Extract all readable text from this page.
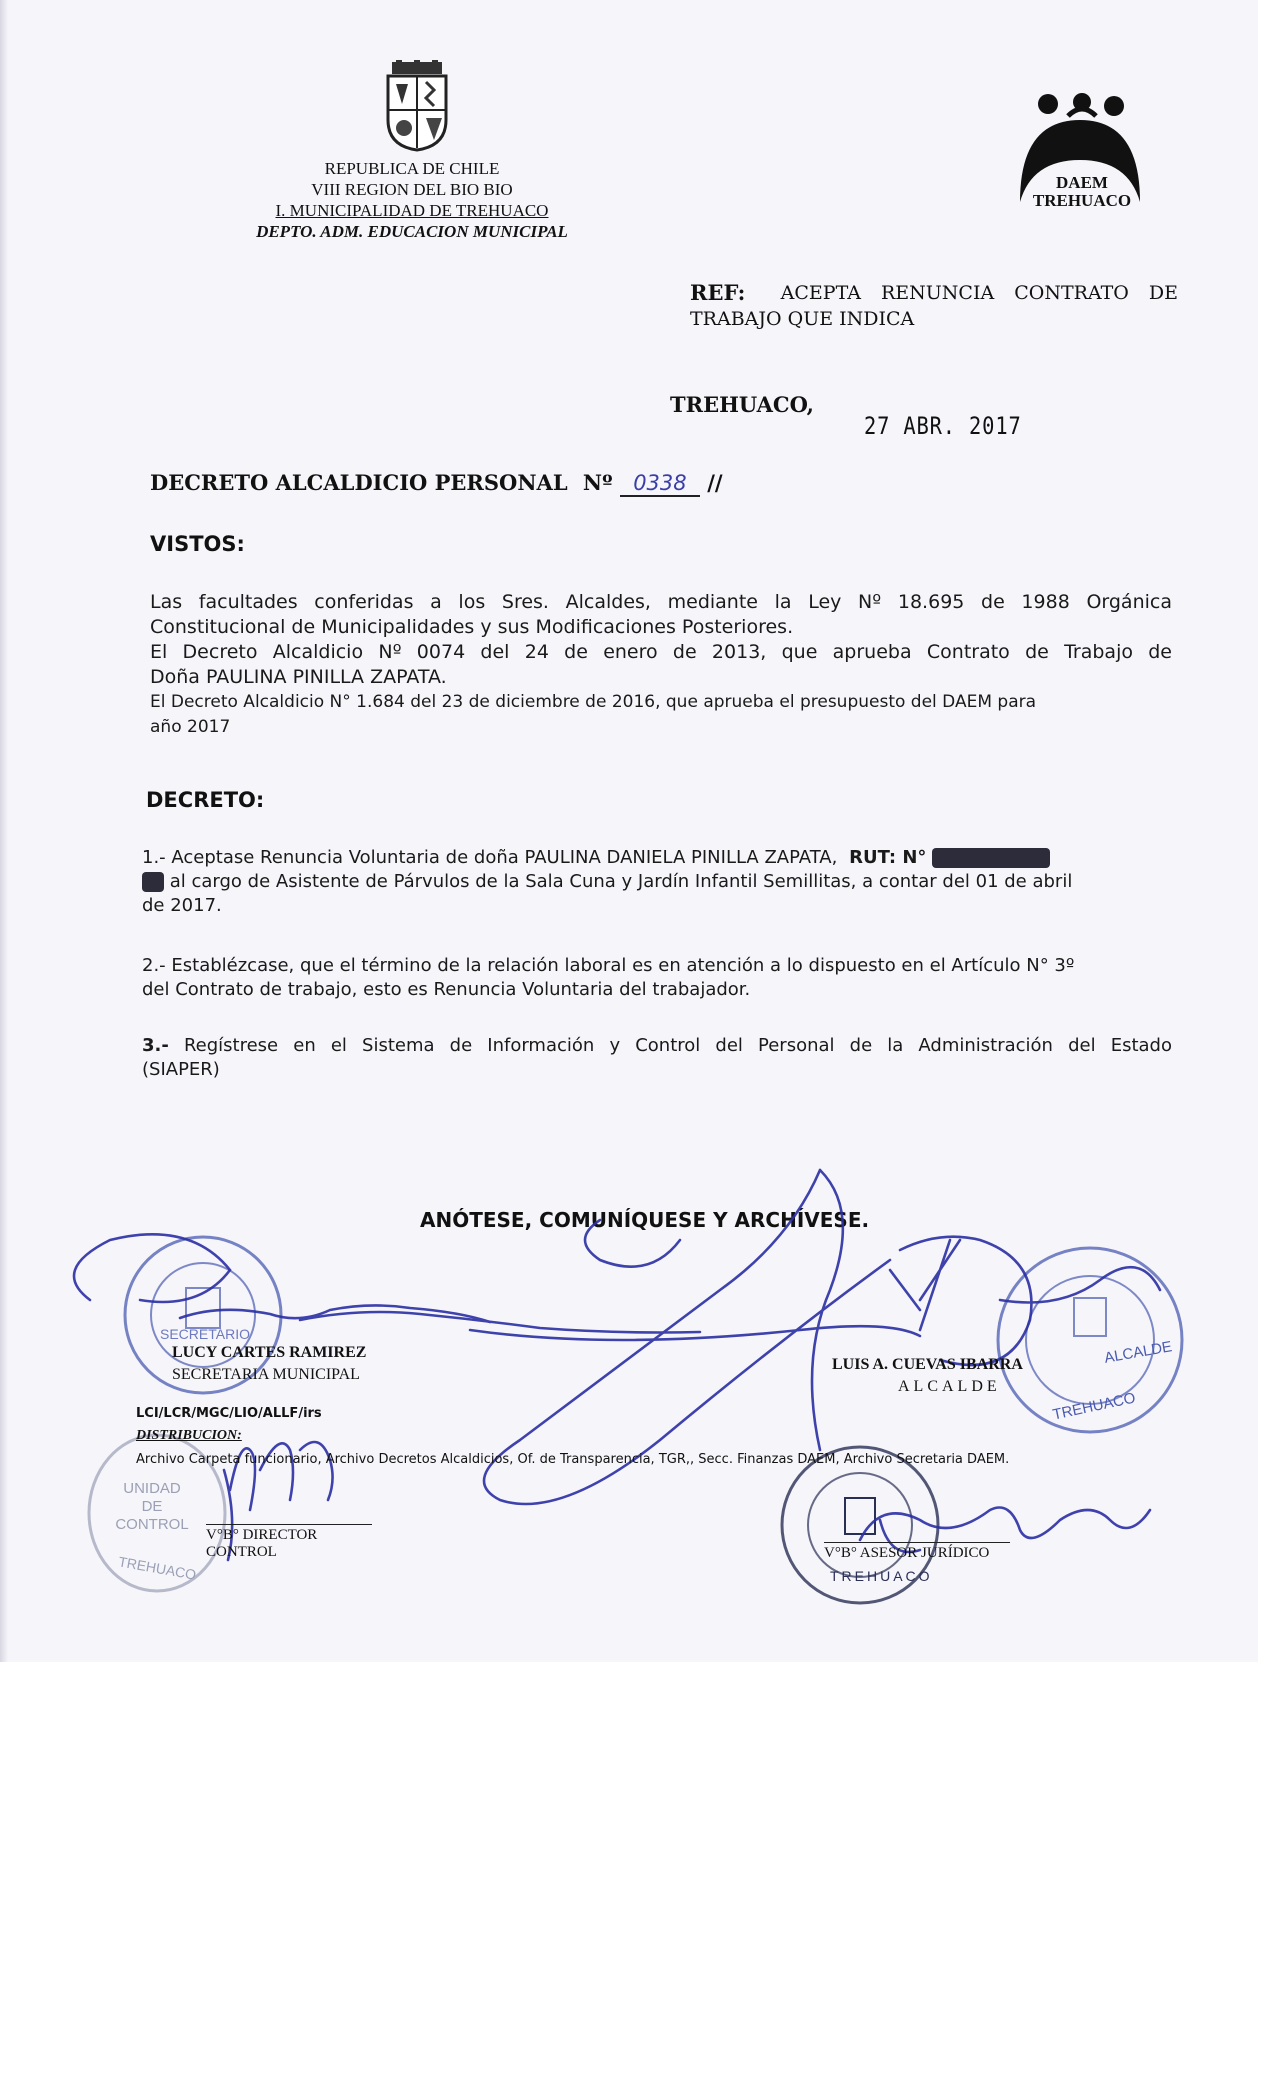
REPUBLICA DE CHILE
VIII REGION DEL BIO BIO
I. MUNICIPALIDAD DE TREHUACO
DEPTO. ADM. EDUCACION MUNICIPAL
DAEM
TREHUACO
REF: ACEPTA RENUNCIA CONTRATO DE
TRABAJO QUE INDICA
TREHUACO,
27 ABR. 2017
DECRETO ALCALDICIO PERSONAL Nº 0338 //
VISTOS:
Las facultades conferidas a los Sres. Alcaldes, mediante la Ley Nº 18.695 de 1988 Orgánica
Constitucional de Municipalidades y sus Modificaciones Posteriores.
El Decreto Alcaldicio Nº 0074 del 24 de enero de 2013, que aprueba Contrato de Trabajo de
Doña PAULINA PINILLA ZAPATA.
El Decreto Alcaldicio N° 1.684 del 23 de diciembre de 2016, que aprueba el presupuesto del DAEM para
año 2017
DECRETO:
1.- Aceptase Renuncia Voluntaria de doña PAULINA DANIELA PINILLA ZAPATA, RUT: N°
al cargo de Asistente de Párvulos de la Sala Cuna y Jardín Infantil Semillitas, a contar del 01 de abril
de 2017.
2.- Establézcase, que el término de la relación laboral es en atención a lo dispuesto en el Artículo N° 3º
del Contrato de trabajo, esto es Renuncia Voluntaria del trabajador.
3.- Regístrese en el Sistema de Información y Control del Personal de la Administración del Estado
(SIAPER)
ANÓTESE, COMUNÍQUESE Y ARCHÍVESE.
SECRETARIO
UNIDAD
DE
CONTROL
TREHUACO
ALCALDE
TREHUACO
TREHUACO
LUCY CARTES RAMIREZ
SECRETARIA MUNICIPAL
LUIS A. CUEVAS IBARRA
ALCALDE
LCI/LCR/MGC/LIO/ALLF/irs
DISTRIBUCION:
Archivo Carpeta funcionario, Archivo Decretos Alcaldicios, Of. de Transparencia, TGR,, Secc. Finanzas DAEM, Archivo Secretaria DAEM.
V°B° DIRECTOR CONTROL	V°B° ASESOR JURÍDICO
